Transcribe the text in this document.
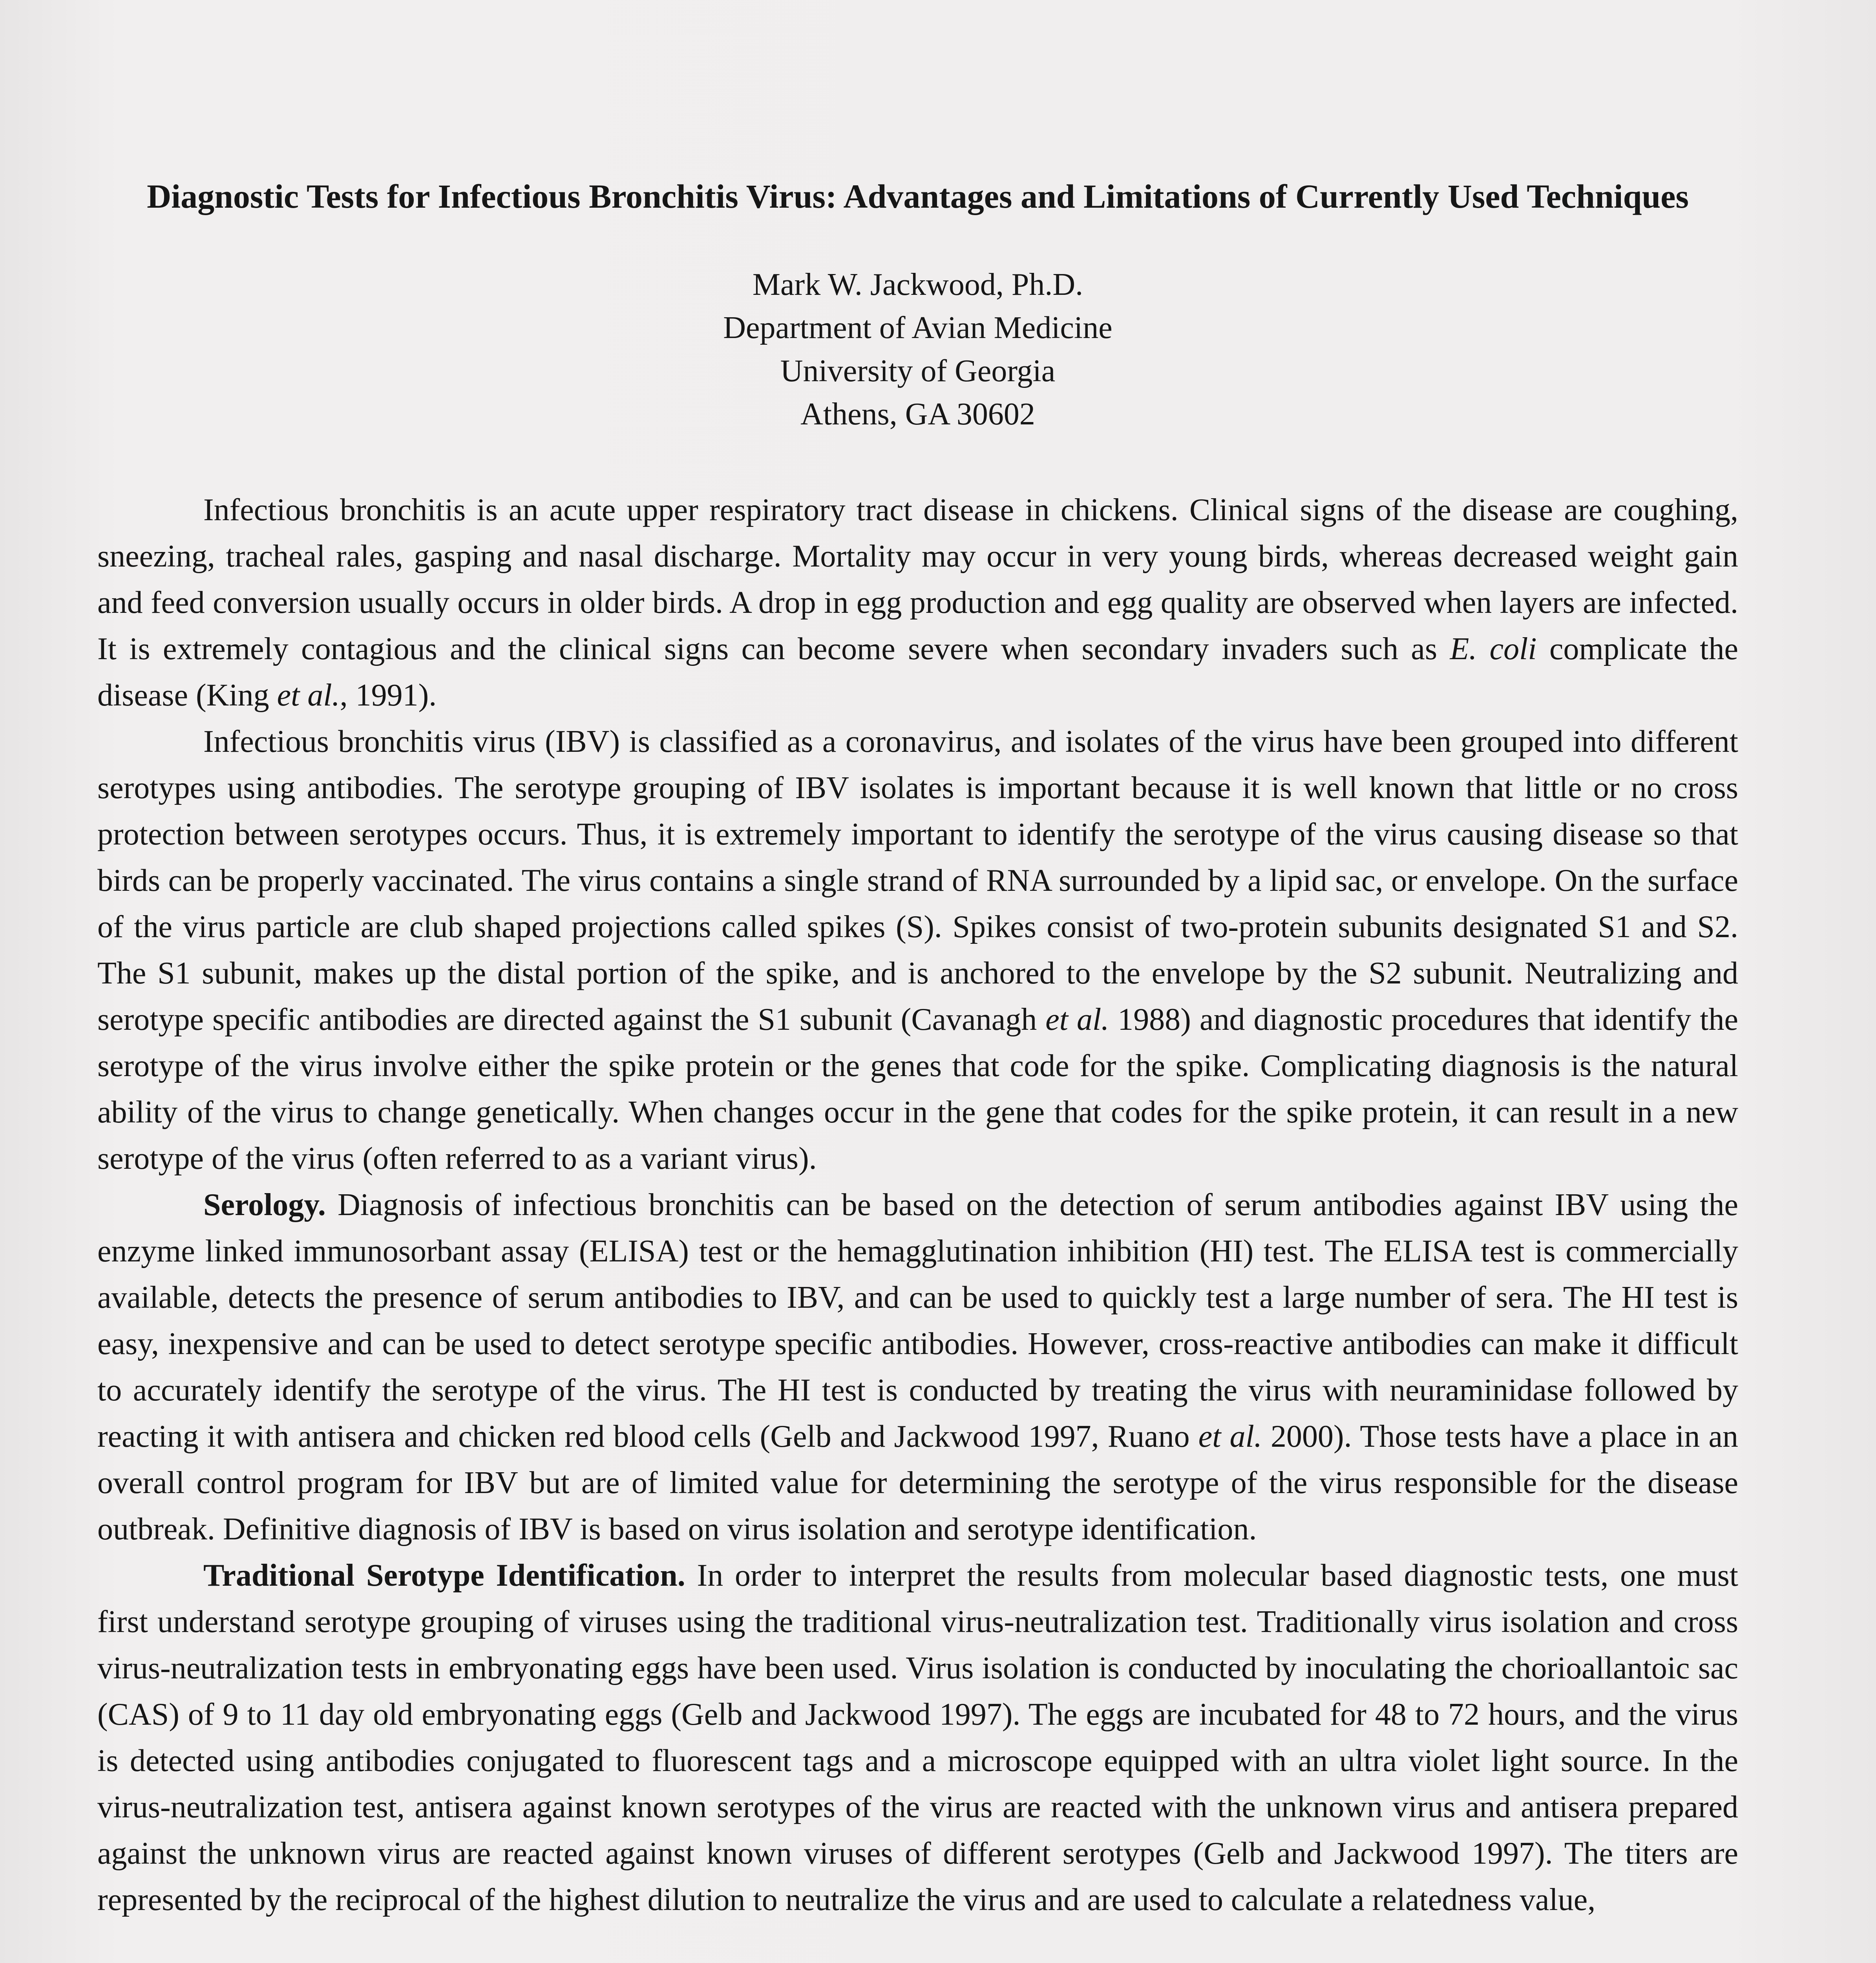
Diagnostic Tests for Infectious Bronchitis Virus: Advantages and Limitations of Currently Used Techniques
Mark W. Jackwood, Ph.D.
Department of Avian Medicine
University of Georgia
Athens, GA 30602

Infectious bronchitis is an acute upper respiratory tract disease in chickens. Clinical signs of the disease are coughing, sneezing, tracheal rales, gasping and nasal discharge. Mortality may occur in very young birds, whereas decreased weight gain and feed conversion usually occurs in older birds. A drop in egg production and egg quality are observed when layers are infected. It is extremely contagious and the clinical signs can become severe when secondary invaders such as E. coli complicate the disease (King et al., 1991).

Infectious bronchitis virus (IBV) is classified as a coronavirus, and isolates of the virus have been grouped into different serotypes using antibodies. The serotype grouping of IBV isolates is important because it is well known that little or no cross protection between serotypes occurs. Thus, it is extremely important to identify the serotype of the virus causing disease so that birds can be properly vaccinated. The virus contains a single strand of RNA surrounded by a lipid sac, or envelope. On the surface of the virus particle are club shaped projections called spikes (S). Spikes consist of two-protein subunits designated S1 and S2. The S1 subunit, makes up the distal portion of the spike, and is anchored to the envelope by the S2 subunit. Neutralizing and serotype specific antibodies are directed against the S1 subunit (Cavanagh et al. 1988) and diagnostic procedures that identify the serotype of the virus involve either the spike protein or the genes that code for the spike. Complicating diagnosis is the natural ability of the virus to change genetically. When changes occur in the gene that codes for the spike protein, it can result in a new serotype of the virus (often referred to as a variant virus).

Serology. Diagnosis of infectious bronchitis can be based on the detection of serum antibodies against IBV using the enzyme linked immunosorbant assay (ELISA) test or the hemagglutination inhibition (HI) test. The ELISA test is commercially available, detects the presence of serum antibodies to IBV, and can be used to quickly test a large number of sera. The HI test is easy, inexpensive and can be used to detect serotype specific antibodies. However, cross-reactive antibodies can make it difficult to accurately identify the serotype of the virus. The HI test is conducted by treating the virus with neuraminidase followed by reacting it with antisera and chicken red blood cells (Gelb and Jackwood 1997, Ruano et al. 2000). Those tests have a place in an overall control program for IBV but are of limited value for determining the serotype of the virus responsible for the disease outbreak. Definitive diagnosis of IBV is based on virus isolation and serotype identification.

Traditional Serotype Identification. In order to interpret the results from molecular based diagnostic tests, one must first understand serotype grouping of viruses using the traditional virus-neutralization test. Traditionally virus isolation and cross virus-neutralization tests in embryonating eggs have been used. Virus isolation is conducted by inoculating the chorioallantoic sac (CAS) of 9 to 11 day old embryonating eggs (Gelb and Jackwood 1997). The eggs are incubated for 48 to 72 hours, and the virus is detected using antibodies conjugated to fluorescent tags and a microscope equipped with an ultra violet light source. In the virus-neutralization test, antisera against known serotypes of the virus are reacted with the unknown virus and antisera prepared against the unknown virus are reacted against known viruses of different serotypes (Gelb and Jackwood 1997). The titers are represented by the reciprocal of the highest dilution to neutralize the virus and are used to calculate a relatedness value,
